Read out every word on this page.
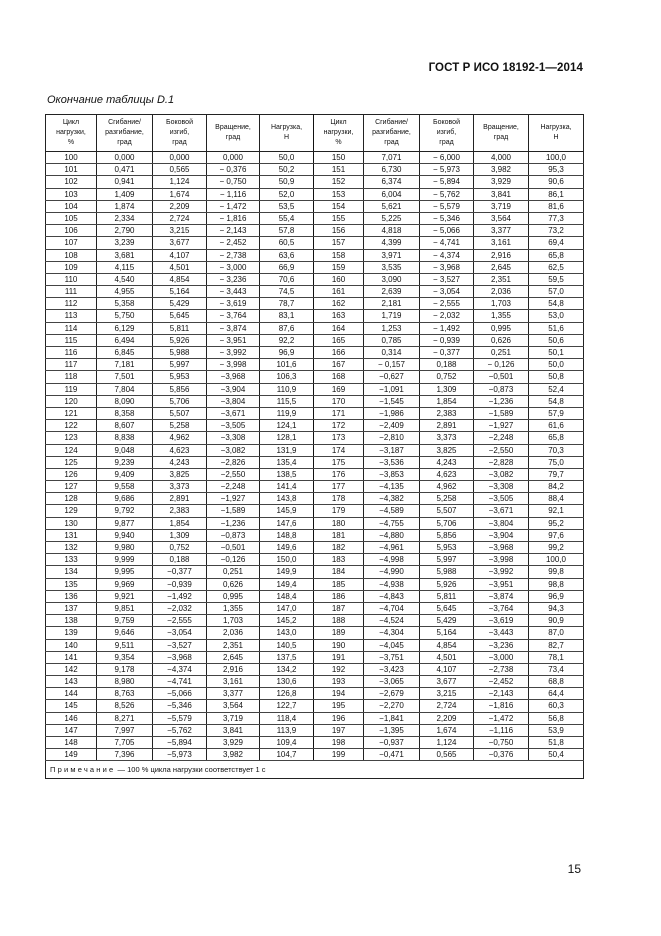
ГОСТ Р ИСО 18192-1—2014
Окончание таблицы D.1
Цикл
нагрузки,
%	Сгибание/
разгибание,
град	Боковой
изгиб,
град	Вращение,
град	Нагрузка,
Н	Цикл
нагрузки,
%	Сгибание/
разгибание,
град	Боковой
изгиб,
град	Вращение,
град	Нагрузка,
Н
100	0,000	0,000	0,000	50,0	150	7,071	− 6,000	4,000	100,0
101	0,471	0,565	− 0,376	50,2	151	6,730	− 5,973	3,982	95,3
102	0,941	1,124	− 0,750	50,9	152	6,374	− 5,894	3,929	90,6
103	1,409	1,674	− 1,116	52,0	153	6,004	− 5,762	3,841	86,1
104	1,874	2,209	− 1,472	53,5	154	5,621	− 5,579	3,719	81,6
105	2,334	2,724	− 1,816	55,4	155	5,225	− 5,346	3,564	77,3
106	2,790	3,215	− 2,143	57,8	156	4,818	− 5,066	3,377	73,2
107	3,239	3,677	− 2,452	60,5	157	4,399	− 4,741	3,161	69,4
108	3,681	4,107	− 2,738	63,6	158	3,971	− 4,374	2,916	65,8
109	4,115	4,501	− 3,000	66,9	159	3,535	− 3,968	2,645	62,5
110	4,540	4,854	− 3,236	70,6	160	3,090	− 3,527	2,351	59,5
111	4,955	5,164	− 3,443	74,5	161	2,639	− 3,054	2,036	57,0
112	5,358	5,429	− 3,619	78,7	162	2,181	− 2,555	1,703	54,8
113	5,750	5,645	− 3,764	83,1	163	1,719	− 2,032	1,355	53,0
114	6,129	5,811	− 3,874	87,6	164	1,253	− 1,492	0,995	51,6
115	6,494	5,926	− 3,951	92,2	165	0,785	− 0,939	0,626	50,6
116	6,845	5,988	− 3,992	96,9	166	0,314	− 0,377	0,251	50,1
117	7,181	5,997	− 3,998	101,6	167	− 0,157	0,188	− 0,126	50,0
118	7,501	5,953	−3,968	106,3	168	−0,627	0,752	−0,501	50,8
119	7,804	5,856	−3,904	110,9	169	−1,091	1,309	−0,873	52,4
120	8,090	5,706	−3,804	115,5	170	−1,545	1,854	−1,236	54,8
121	8,358	5,507	−3,671	119,9	171	−1,986	2,383	−1,589	57,9
122	8,607	5,258	−3,505	124,1	172	−2,409	2,891	−1,927	61,6
123	8,838	4,962	−3,308	128,1	173	−2,810	3,373	−2,248	65,8
124	9,048	4,623	−3,082	131,9	174	−3,187	3,825	−2,550	70,3
125	9,239	4,243	−2,826	135,4	175	−3,536	4,243	−2,828	75,0
126	9,409	3,825	−2,550	138,5	176	−3,853	4,623	−3,082	79,7
127	9,558	3,373	−2,248	141,4	177	−4,135	4,962	−3,308	84,2
128	9,686	2,891	−1,927	143,8	178	−4,382	5,258	−3,505	88,4
129	9,792	2,383	−1,589	145,9	179	−4,589	5,507	−3,671	92,1
130	9,877	1,854	−1,236	147,6	180	−4,755	5,706	−3,804	95,2
131	9,940	1,309	−0,873	148,8	181	−4,880	5,856	−3,904	97,6
132	9,980	0,752	−0,501	149,6	182	−4,961	5,953	−3,968	99,2
133	9,999	0,188	−0,126	150,0	183	−4,998	5,997	−3,998	100,0
134	9,995	−0,377	0,251	149,9	184	−4,990	5,988	−3,992	99,8
135	9,969	−0,939	0,626	149,4	185	−4,938	5,926	−3,951	98,8
136	9,921	−1,492	0,995	148,4	186	−4,843	5,811	−3,874	96,9
137	9,851	−2,032	1,355	147,0	187	−4,704	5,645	−3,764	94,3
138	9,759	−2,555	1,703	145,2	188	−4,524	5,429	−3,619	90,9
139	9,646	−3,054	2,036	143,0	189	−4,304	5,164	−3,443	87,0
140	9,511	−3,527	2,351	140,5	190	−4,045	4,854	−3,236	82,7
141	9,354	−3,968	2,645	137,5	191	−3,751	4,501	−3,000	78,1
142	9,178	−4,374	2,916	134,2	192	−3,423	4,107	−2,738	73,4
143	8,980	−4,741	3,161	130,6	193	−3,065	3,677	−2,452	68,8
144	8,763	−5,066	3,377	126,8	194	−2,679	3,215	−2,143	64,4
145	8,526	−5,346	3,564	122,7	195	−2,270	2,724	−1,816	60,3
146	8,271	−5,579	3,719	118,4	196	−1,841	2,209	−1,472	56,8
147	7,997	−5,762	3,841	113,9	197	−1,395	1,674	−1,116	53,9
148	7,705	−5,894	3,929	109,4	198	−0,937	1,124	−0,750	51,8
149	7,396	−5,973	3,982	104,7	199	−0,471	0,565	−0,376	50,4
Примечание — 100 % цикла нагрузки соответствует 1 с									
15
